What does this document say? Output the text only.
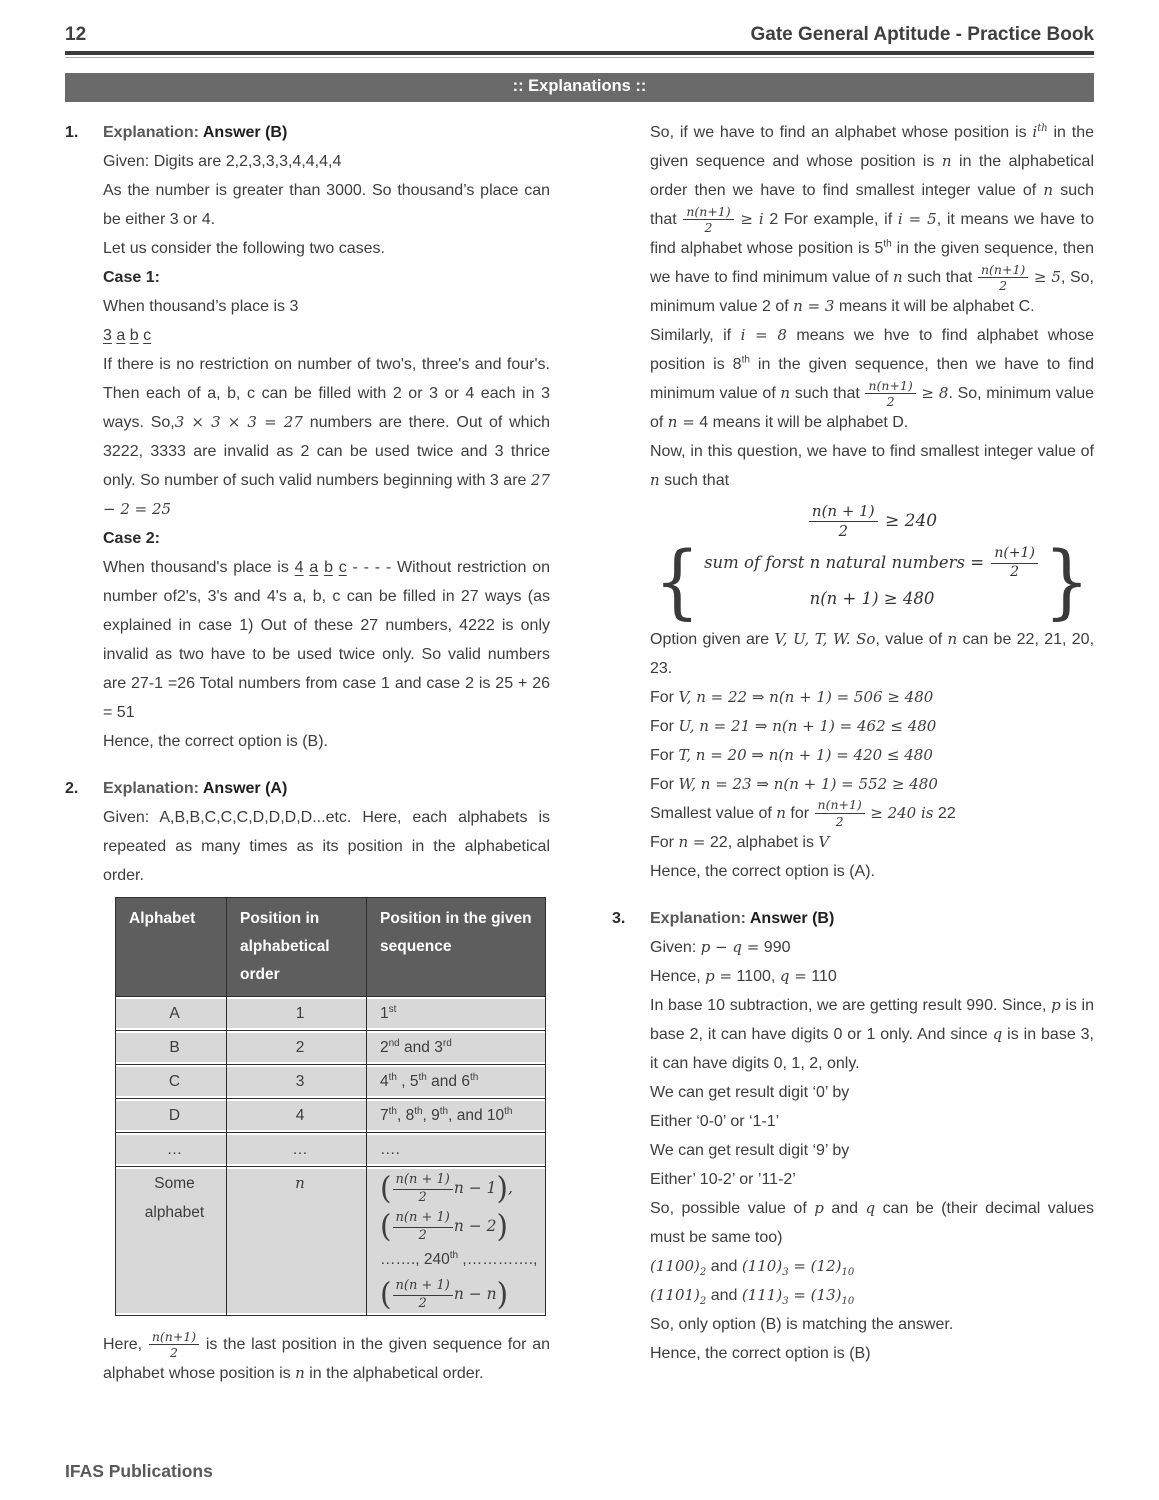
12	Gate General Aptitude - Practice Book
:: Explanations ::
1. Explanation: Answer (B)
Given: Digits are 2,2,3,3,3,4,4,4,4
As the number is greater than 3000. So thousand’s place can be either 3 or 4.
Let us consider the following two cases.
Case 1:
When thousand’s place is 3
3 a b c
If there is no restriction on number of two's, three's and four's. Then each of a, b, c can be filled with 2 or 3 or 4 each in 3 ways. So,3 × 3 × 3 = 27 numbers are there. Out of which 3222, 3333 are invalid as 2 can be used twice and 3 thrice only. So number of such valid numbers beginning with 3 are 27 − 2 = 25
Case 2:
When thousand's place is 4 a b c - - - - Without restriction on number of2's, 3's and 4's a, b, c can be filled in 27 ways (as explained in case 1) Out of these 27 numbers, 4222 is only invalid as two have to be used twice only. So valid numbers are 27-1 =26 Total numbers from case 1 and case 2 is 25 + 26 = 51
Hence, the correct option is (B).
2. Explanation: Answer (A)
Given: A,B,B,C,C,C,D,D,D,D...etc. Here, each alphabets is repeated as many times as its position in the alphabetical order.
Alphabet	Position in alphabetical order	Position in the given sequence
A	1	1st
B	2	2nd and 3rd
C	3	4th , 5th and 6th
D	4	7th, 8th, 9th, and 10th
…	…	….
Some alphabet	n	( $\frac{n(n + 1)}{2}$ n − 1),
( $\frac{n(n + 1)}{2}$ n − 2)
……., 240th ,………….,
( $\frac{n(n + 1)}{2}$ n − n)
Here, $\frac{n(n+1)}{2}$ is the last position in the given sequence for an alphabet whose position is n in the alphabetical order.
So, if we have to find an alphabet whose position is $i^{th}$ in the given sequence and whose position is n in the alphabetical order then we have to find smallest integer value of n such that $\frac{n(n+1)}{2} \ge i$ 2 For example, if i = 5, it means we have to find alphabet whose position is 5th in the given sequence, then we have to find minimum value of n such that $\frac{n(n+1)}{2} \ge 5$, So, minimum value 2 of n = 3 means it will be alphabet C.
Similarly, if i = 8 means we hve to find alphabet whose position is 8th in the given sequence, then we have to find minimum value of n such that $\frac{n(n+1)}{2} \ge 8$. So, minimum value of n = 4 means it will be alphabet D.
Now, in this question, we have to find smallest integer value of n such that
$\frac{n(n + 1)}{2} \ge 240$
{ sum of forst n natural numbers = $\frac{n(+1)}{2}$
n(n + 1) ≥ 480	}
Option given are V, U, T, W. So, value of n can be 22, 21, 20, 23.
For V, n = 22 ⇒ n(n + 1) = 506 ≥ 480
For U, n = 21 ⇒ n(n + 1) = 462 ≤ 480
For T, n = 20 ⇒ n(n + 1) = 420 ≤ 480
For W, n = 23 ⇒ n(n + 1) = 552 ≥ 480
Smallest value of n for $\frac{n(n+1)}{2} \ge 240$ is 22
For n = 22, alphabet is V
Hence, the correct option is (A).
3. Explanation: Answer (B)
Given: p − q = 990
Hence, p = 1100, q = 110
In base 10 subtraction, we are getting result 990. Since, p is in base 2, it can have digits 0 or 1 only. And since q is in base 3, it can have digits 0, 1, 2, only.
We can get result digit ‘0’ by
Either ‘0-0’ or ‘1-1’
We can get result digit ‘9’ by
Either’ 10-2’ or ’11-2’
So, possible value of p and q can be (their decimal values must be same too)
$(1100)_2$ and $(110)_3 = (12)_{10}$
$(1101)_2$ and $(111)_3 = (13)_{10}$
So, only option (B) is matching the answer.
Hence, the correct option is (B)
IFAS Publications
